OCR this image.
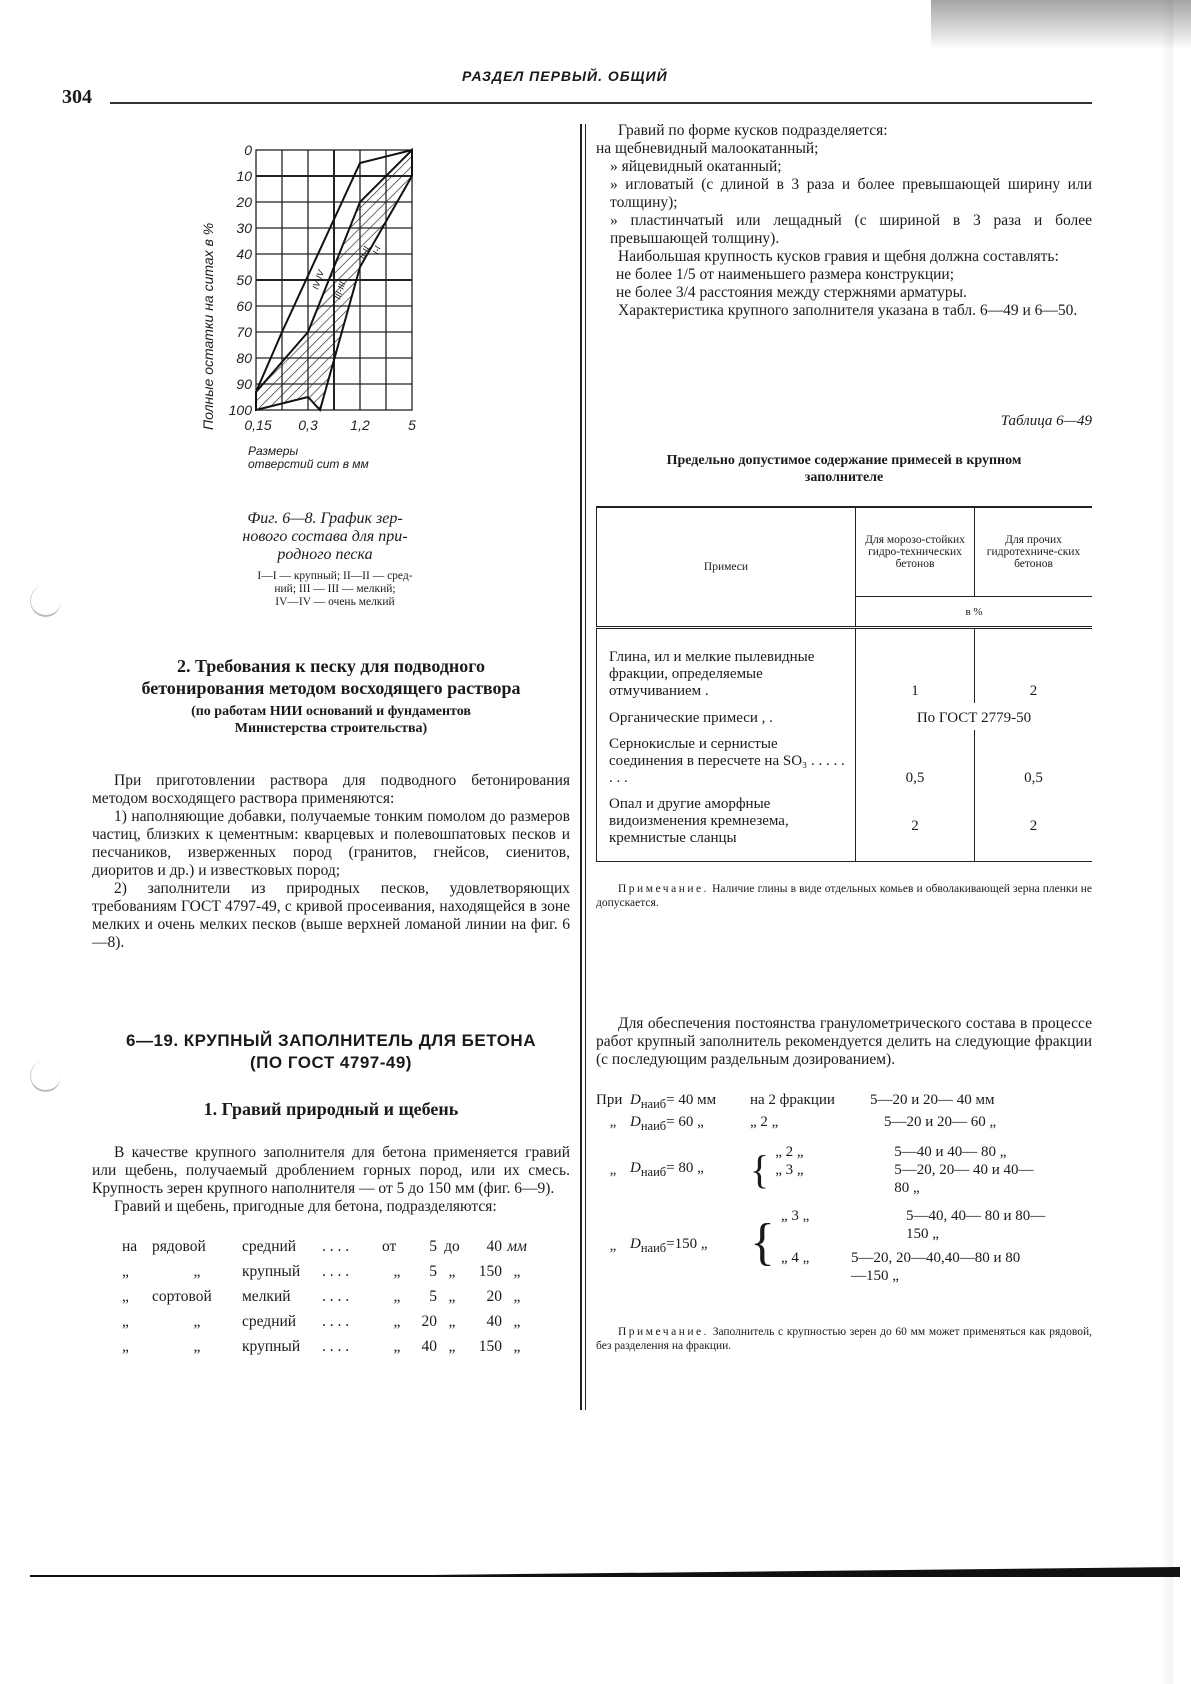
304
РАЗДЕЛ ПЕРВЫЙ. ОБЩИЙ
0
10
20
30
40
50
60
70
80
90
100
IV-IV III-III
II-II
I-I
0,15 0,3 1,2	5
Полные остатки на ситах в %
Размеры
отверстий сит в мм
Фиг. 6—8. График зер-
нового состава для при-
родного песка
I—I — крупный; II—II — сред-
ний; III — III — мелкий;
IV—IV — очень мелкий
2. Требования к песку для подводного
бетонирования методом восходящего раствора
(по работам НИИ оснований и фундаментов
Министерства строительства)

При приготовлении раствора для подводного бетонирования методом восходящего раствора применяются:

1) наполняющие добавки, получаемые тонким помолом до размеров частиц, близких к цементным: кварцевых и полевошпатовых песков и песчаников, изверженных пород (гранитов, гнейсов, сиенитов, диоритов и др.) и известковых пород;

2) заполнители из природных песков, удовлетворяющих требованиям ГОСТ 4797-49, с кривой просеивания, находящейся в зоне мелких и очень мелких песков (выше верхней ломаной линии на фиг. 6—8).

6—19. КРУПНЫЙ ЗАПОЛНИТЕЛЬ ДЛЯ БЕТОНА
(ПО ГОСТ 4797-49)
1. Гравий природный и щебень

В качестве крупного заполнителя для бетона применяется гравий или щебень, получаемый дроблением горных пород, или их смесь. Крупность зерен крупного наполнителя — от 5 до 150 мм (фиг. 6—9).

Гравий и щебень, пригодные для бетона, подразделяются:

на рядовой	средний	. . . .	от	5 до	40 мм
„	„	крупный	. . . .	„	5 „	150 „
„	сортовой	мелкий	. . . .	„	5 „	20 „
„	„	средний	. . . .	„	20 „	40 „
„	„	крупный	. . . .	„	40 „	150 „

Гравий по форме кусков подразделяется:

на щебневидный малоокатанный;

» яйцевидный окатанный;

» игловатый (с длиной в 3 раза и более превышающей ширину или толщину);

» пластинчатый или лещадный (с шириной в 3 раза и более превышающей толщину).

Наибольшая крупность кусков гравия и щебня должна составлять:

не более 1/5 от наименьшего размера конструкции;

не более 3/4 расстояния между стержнями арматуры.

Характеристика крупного заполнителя указана в табл. 6—49 и 6—50.

Таблица 6—49
Предельно допустимое содержание примесей в крупном
заполнителе
Примеси	Для морозо-стойких гидро-технических бетонов	Для прочих гидротехниче-ских бетонов
	в %	
Глина, ил и мелкие пылевидные фракции, определяемые отмучиванием .	1	2
Органические примеси , .	По ГОСТ 2779-50	
Сернокислые и сернистые соединения в пересчете на SO₃ . . . . . . . .	0,5	0,5
Опал и другие аморфные видоизменения кремнезема, кремнистые сланцы	2	2

Примечание. Наличие глины в виде отдельных комьев и обволакивающей зерна пленки не допускается.

Для обеспечения постоянства гранулометрического состава в процессе работ крупный заполнитель рекомендуется делить на следующие фракции (с последующим раздельным дозированием).

При $D_{наиб}= 40$ мм	на 2 фракции	5—20 и 20— 40 мм
„ $D_{наиб}= 60$ „	„ 2 „	5—20 и 20— 60 „
„ $D_{наиб}= 80$ „	{ „ 2 „	5—40 и 40— 80 „
„ 3 „	5—20, 20— 40 и 40— 80 „
„ $D_{наиб}=150$ „ { „ 3 „	5—40, 40— 80 и 80—150 „
„ 4 „	5—20, 20—40,40—80 и 80—150 „

Примечание. Заполнитель с крупностью зерен до 60 мм может применяться как рядовой, без разделения на фракции.
